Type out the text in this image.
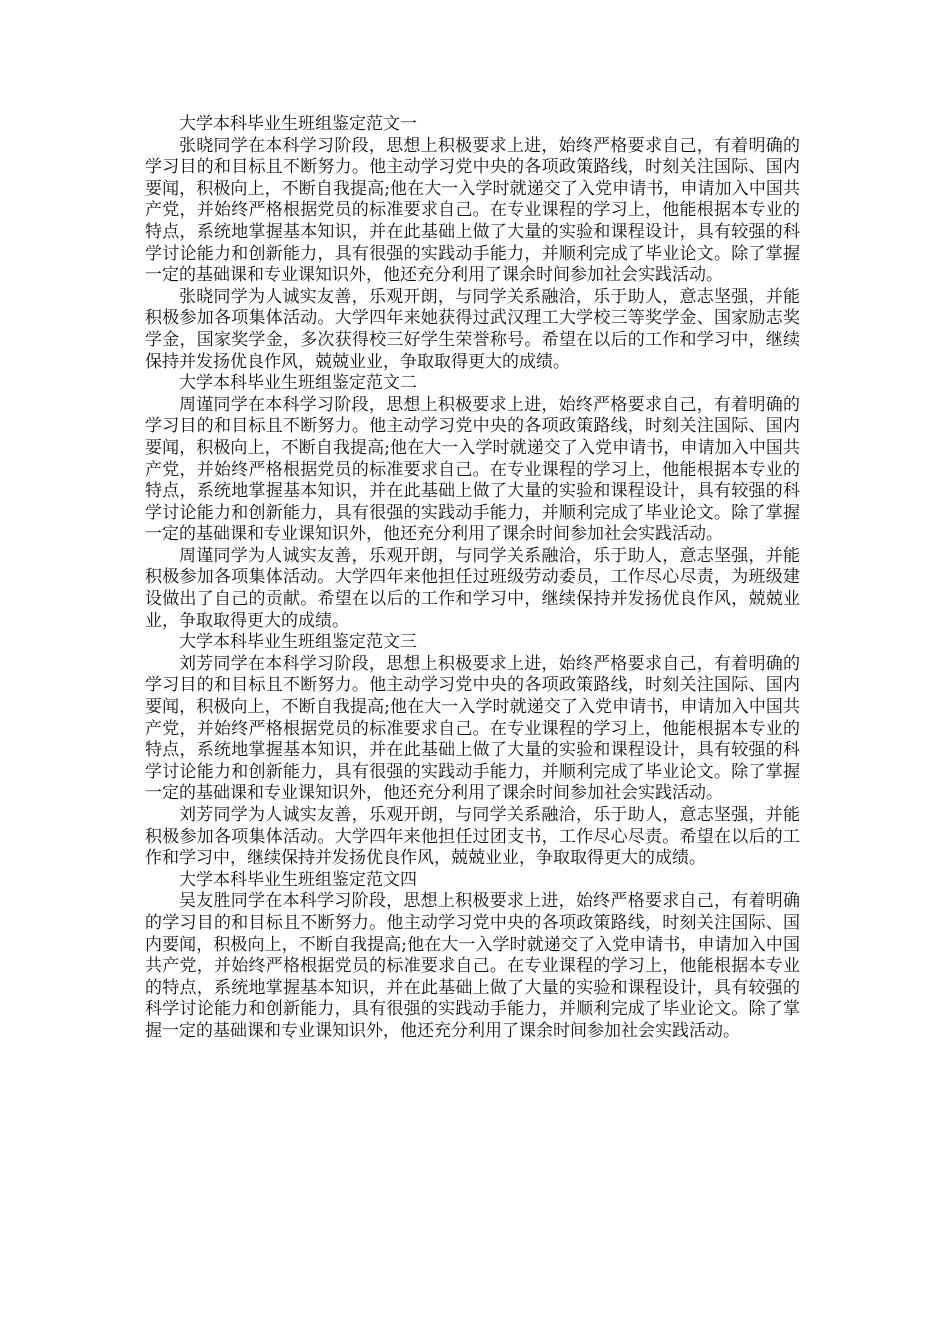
大学本科毕业生班组鉴定范文一

张晓同学在本科学习阶段，思想上积极要求上进，始终严格要求自己，有着明确的学习目的和目标且不断努力。他主动学习党中央的各项政策路线，时刻关注国际、国内要闻，积极向上，不断自我提高;他在大一入学时就递交了入党申请书，申请加入中国共产党，并始终严格根据党员的标准要求自己。在专业课程的学习上，他能根据本专业的特点，系统地掌握基本知识，并在此基础上做了大量的实验和课程设计，具有较强的科学讨论能力和创新能力，具有很强的实践动手能力，并顺利完成了毕业论文。除了掌握一定的基础课和专业课知识外，他还充分利用了课余时间参加社会实践活动。

张晓同学为人诚实友善，乐观开朗，与同学关系融洽，乐于助人，意志坚强，并能积极参加各项集体活动。大学四年来她获得过武汉理工大学校三等奖学金、国家励志奖学金，国家奖学金，多次获得校三好学生荣誉称号。希望在以后的工作和学习中，继续保持并发扬优良作风，兢兢业业，争取取得更大的成绩。

大学本科毕业生班组鉴定范文二

周谨同学在本科学习阶段，思想上积极要求上进，始终严格要求自己，有着明确的学习目的和目标且不断努力。他主动学习党中央的各项政策路线，时刻关注国际、国内要闻，积极向上，不断自我提高;他在大一入学时就递交了入党申请书，申请加入中国共产党，并始终严格根据党员的标准要求自己。在专业课程的学习上，他能根据本专业的特点，系统地掌握基本知识，并在此基础上做了大量的实验和课程设计，具有较强的科学讨论能力和创新能力，具有很强的实践动手能力，并顺利完成了毕业论文。除了掌握一定的基础课和专业课知识外，他还充分利用了课余时间参加社会实践活动。

周谨同学为人诚实友善，乐观开朗，与同学关系融洽，乐于助人，意志坚强，并能积极参加各项集体活动。大学四年来他担任过班级劳动委员，工作尽心尽责，为班级建设做出了自己的贡献。希望在以后的工作和学习中，继续保持并发扬优良作风，兢兢业业，争取取得更大的成绩。

大学本科毕业生班组鉴定范文三

刘芳同学在本科学习阶段，思想上积极要求上进，始终严格要求自己，有着明确的学习目的和目标且不断努力。他主动学习党中央的各项政策路线，时刻关注国际、国内要闻，积极向上，不断自我提高;他在大一入学时就递交了入党申请书，申请加入中国共产党，并始终严格根据党员的标准要求自己。在专业课程的学习上，他能根据本专业的特点，系统地掌握基本知识，并在此基础上做了大量的实验和课程设计，具有较强的科学讨论能力和创新能力，具有很强的实践动手能力，并顺利完成了毕业论文。除了掌握一定的基础课和专业课知识外，他还充分利用了课余时间参加社会实践活动。

刘芳同学为人诚实友善，乐观开朗，与同学关系融洽，乐于助人，意志坚强，并能积极参加各项集体活动。大学四年来他担任过团支书，工作尽心尽责。希望在以后的工作和学习中，继续保持并发扬优良作风，兢兢业业，争取取得更大的成绩。

大学本科毕业生班组鉴定范文四

吴友胜同学在本科学习阶段，思想上积极要求上进，始终严格要求自己，有着明确的学习目的和目标且不断努力。他主动学习党中央的各项政策路线，时刻关注国际、国内要闻，积极向上，不断自我提高;他在大一入学时就递交了入党申请书，申请加入中国共产党，并始终严格根据党员的标准要求自己。在专业课程的学习上，他能根据本专业的特点，系统地掌握基本知识，并在此基础上做了大量的实验和课程设计，具有较强的科学讨论能力和创新能力，具有很强的实践动手能力，并顺利完成了毕业论文。除了掌握一定的基础课和专业课知识外，他还充分利用了课余时间参加社会实践活动。
